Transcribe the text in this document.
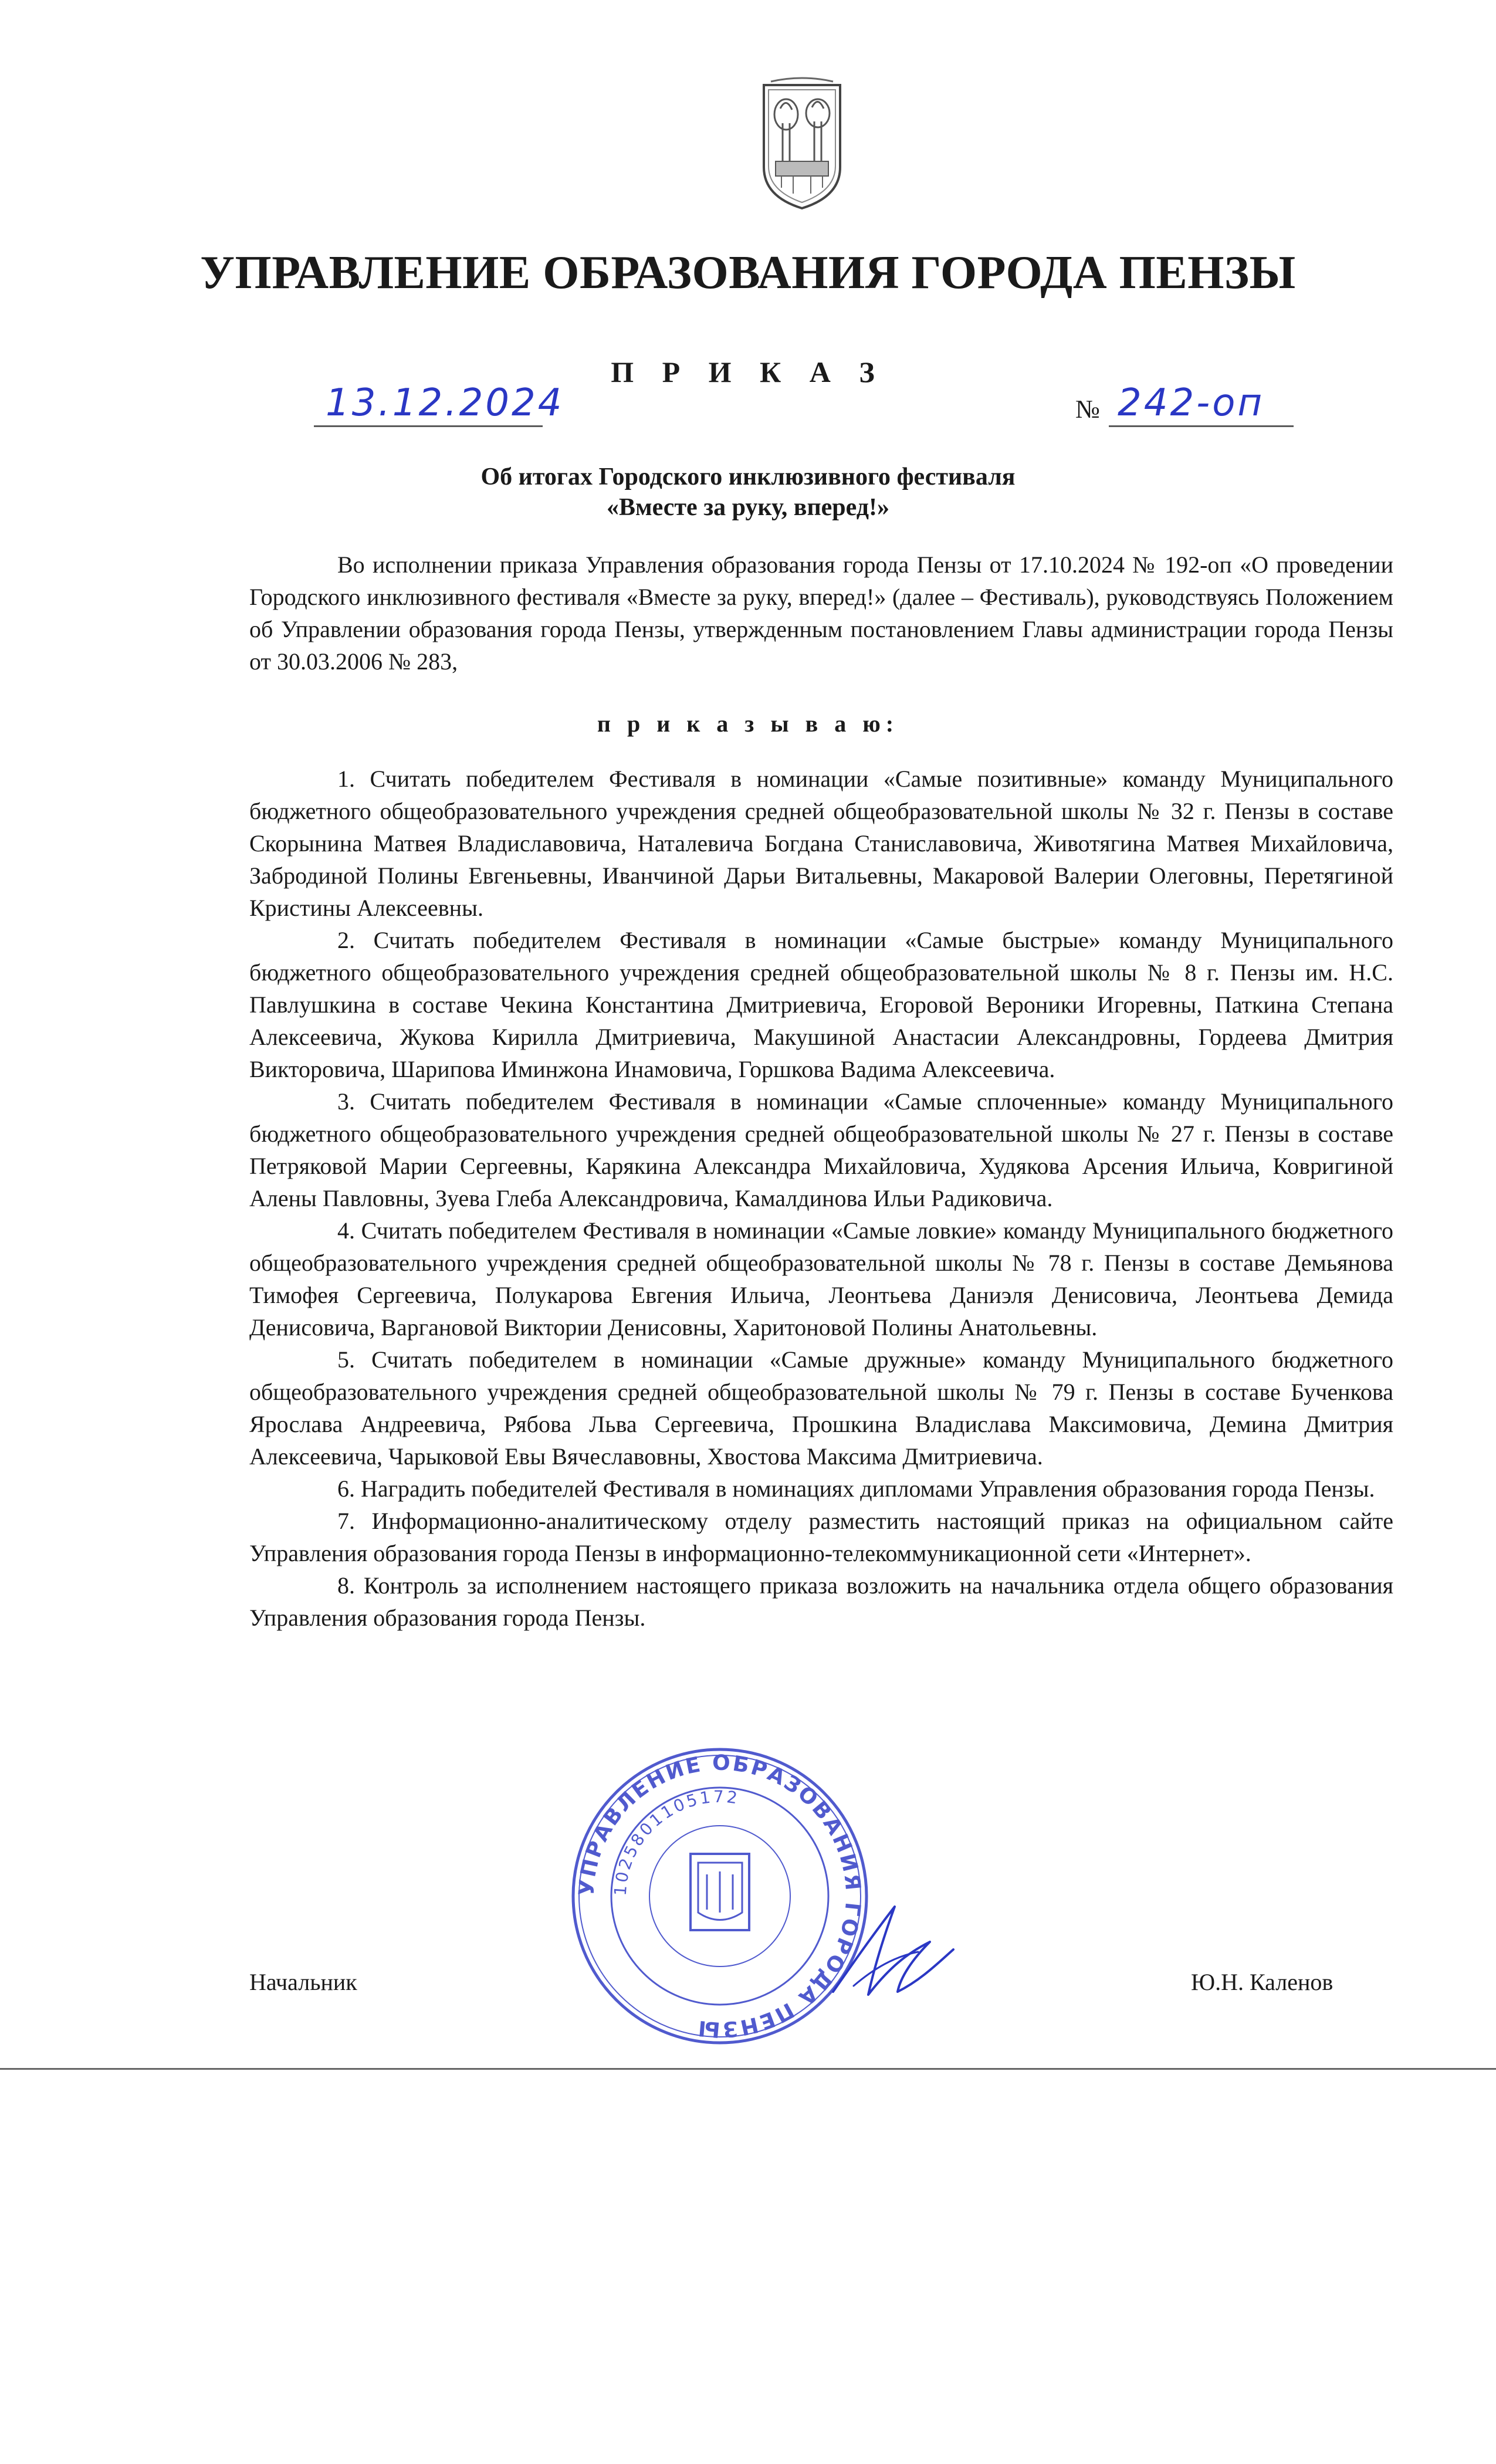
УПРАВЛЕНИЕ ОБРАЗОВАНИЯ ГОРОДА ПЕНЗЫ
П Р И К А З
13.12.2024	№ 242-оп
Об итогах Городского инклюзивного фестиваля
«Вместе за руку, вперед!»

Во исполнении приказа Управления образования города Пензы от 17.10.2024 № 192-оп «О проведении Городского инклюзивного фестиваля «Вместе за руку, вперед!» (далее – Фестиваль), руководствуясь Положением об Управлении образования города Пензы, утвержденным постановлением Главы администрации города Пензы от 30.03.2006 № 283,

п р и к а з ы в а ю:

1. Считать победителем Фестиваля в номинации «Самые позитивные» команду Муниципального бюджетного общеобразовательного учреждения средней общеобразовательной школы № 32 г. Пензы в составе Скорынина Матвея Владиславовича, Наталевича Богдана Станиславовича, Животягина Матвея Михайловича, Забродиной Полины Евгеньевны, Иванчиной Дарьи Витальевны, Макаровой Валерии Олеговны, Перетягиной Кристины Алексеевны.

2. Считать победителем Фестиваля в номинации «Самые быстрые» команду Муниципального бюджетного общеобразовательного учреждения средней общеобразовательной школы № 8 г. Пензы им. Н.С. Павлушкина в составе Чекина Константина Дмитриевича, Егоровой Вероники Игоревны, Паткина Степана Алексеевича, Жукова Кирилла Дмитриевича, Макушиной Анастасии Александровны, Гордеева Дмитрия Викторовича, Шарипова Иминжона Инамовича, Горшкова Вадима Алексеевича.

3. Считать победителем Фестиваля в номинации «Самые сплоченные» команду Муниципального бюджетного общеобразовательного учреждения средней общеобразовательной школы № 27 г. Пензы в составе Петряковой Марии Сергеевны, Карякина Александра Михайловича, Худякова Арсения Ильича, Ковригиной Алены Павловны, Зуева Глеба Александровича, Камалдинова Ильи Радиковича.

4. Считать победителем Фестиваля в номинации «Самые ловкие» команду Муниципального бюджетного общеобразовательного учреждения средней общеобразовательной школы № 78 г. Пензы в составе Демьянова Тимофея Сергеевича, Полукарова Евгения Ильича, Леонтьева Даниэля Денисовича, Леонтьева Демида Денисовича, Варгановой Виктории Денисовны, Харитоновой Полины Анатольевны.

5. Считать победителем в номинации «Самые дружные» команду Муниципального бюджетного общеобразовательного учреждения средней общеобразовательной школы № 79 г. Пензы в составе Бученкова Ярослава Андреевича, Рябова Льва Сергеевича, Прошкина Владислава Максимовича, Демина Дмитрия Алексеевича, Чарыковой Евы Вячеславовны, Хвостова Максима Дмитриевича.

6. Наградить победителей Фестиваля в номинациях дипломами Управления образования города Пензы.

7. Информационно-аналитическому отделу разместить настоящий приказ на официальном сайте Управления образования города Пензы в информационно-телекоммуникационной сети «Интернет».

8. Контроль за исполнением настоящего приказа возложить на начальника отдела общего образования Управления образования города Пензы.

УПРАВЛЕНИЕ ОБРАЗОВАНИЯ ГОРОДА ПЕНЗЫ
1025801105172
Начальник	Ю.Н. Каленов
